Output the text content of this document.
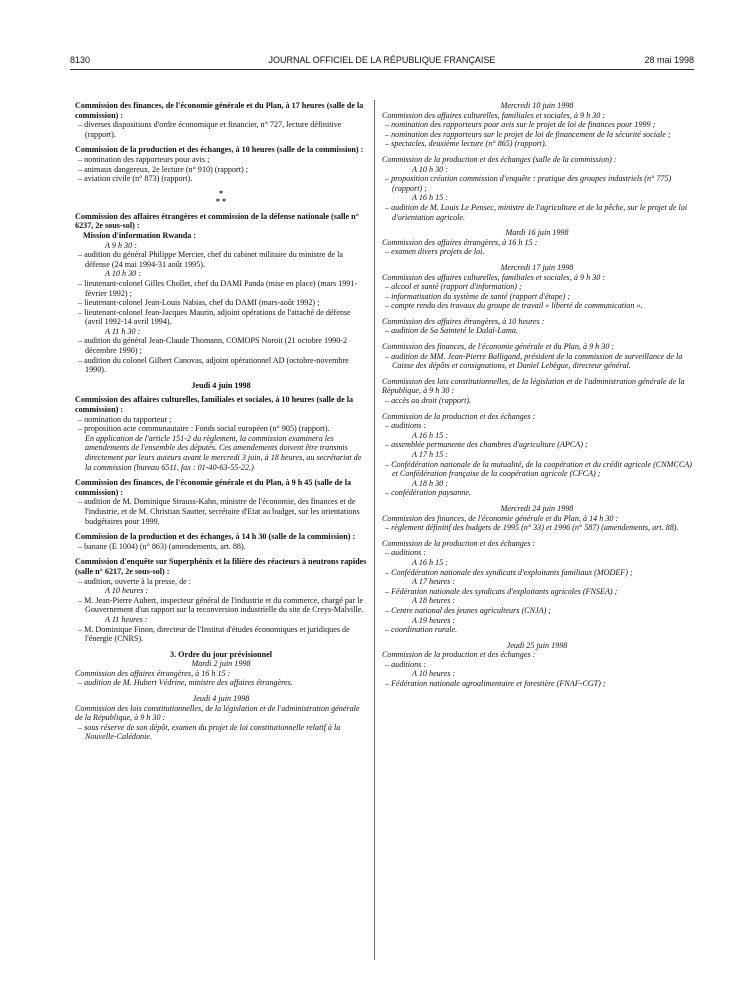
8130	JOURNAL OFFICIEL DE LA RÉPUBLIQUE FRANÇAISE	28 mai 1998

Commission des finances, de l'économie générale et du Plan, à 17 heures (salle de la commission) :

– diverses dispositions d'ordre économique et financier, n° 727, lecture définitive (rapport).

Commission de la production et des échanges, à 10 heures (salle de la commission) :

– nomination des rapporteurs pour avis ;

– animaux dangereux, 2e lecture (n° 910) (rapport) ;

– aviation civile (n° 873) (rapport).

*
* *

Commission des affaires étrangères et commission de la défense nationale (salle n° 6237, 2e sous-sol) :

Mission d'information Rwanda :

A 9 h 30 :

– audition du général Philippe Mercier, chef du cabinet militaire du ministre de la défense (24 mai 1994-31 août 1995).

A 10 h 30 :

– lieutenant-colonel Gilles Chollet, chef du DAMI Panda (mise en place) (mars 1991-février 1992) ;

– lieutenant-colonel Jean-Louis Nabias, chef du DAMI (mars-août 1992) ;

– lieutenant-colonel Jean-Jacques Maurin, adjoint opérations de l'attaché de défense (avril 1992-14 avril 1994).

A 11 h 30 :

– audition du général Jean-Claude Thomann, COMOPS Noroit (21 octobre 1990-2 décembre 1990) ;

– audition du colonel Gilbert Canovas, adjoint opérationnel AD (octobre-novembre 1990).

Jeudi 4 juin 1998

Commission des affaires culturelles, familiales et sociales, à 10 heures (salle de la commission) :

– nomination du rapporteur ;

– proposition acte communautaire : Fonds social européen (n° 905) (rapport).

En application de l'article 151-2 du règlement, la commission examinera les amendements de l'ensemble des députés. Ces amendements doivent être transmis directement par leurs auteurs avant le mercredi 3 juin, à 18 heures, au secrétariat de la commission (bureau 6511, fax : 01-40-63-55-22.)

Commission des finances, de l'économie générale et du Plan, à 9 h 45 (salle de la commission) :

– audition de M. Dominique Strauss-Kahn, ministre de l'économie, des finances et de l'industrie, et de M. Christian Sautter, secrétaire d'Etat au budget, sur les orientations budgétaires pour 1999.

Commission de la production et des échanges, à 14 h 30 (salle de la commission) :

– banane (E 1004) (n° 863) (amendements, art. 88).

Commission d'enquête sur Superphénix et la filière des réacteurs à neutrons rapides (salle n° 6217, 2e sous-sol) :

– audition, ouverte à la presse, de :

A 10 heures :

– M. Jean-Pierre Aubert, inspecteur général de l'industrie et du commerce, chargé par le Gouvernement d'un rapport sur la reconversion industrielle du site de Creys-Malville.

A 11 heures :

– M. Dominique Finon, directeur de l'Institut d'études économiques et juridiques de l'énergie (CNRS).

3. Ordre du jour prévisionnel

Mardi 2 juin 1998

Commission des affaires étrangères, à 16 h 15 :

– audition de M. Hubert Védrine, ministre des affaires étrangères.

Jeudi 4 juin 1998

Commission des lois constitutionnelles, de la législation et de l'administration générale de la République, à 9 h 30 :

– sous réserve de son dépôt, examen du projet de loi constitutionnelle relatif à la Nouvelle-Calédonie.

Mercredi 10 juin 1998

Commission des affaires culturelles, familiales et sociales, à 9 h 30 :

– nomination des rapporteurs pour avis sur le projet de loi de finances pour 1999 ;

– nomination des rapporteurs sur le projet de loi de financement de la sécurité sociale ;

– spectacles, deuxième lecture (n° 865) (rapport).

Commission de la production et des échanges (salle de la commission) :

A 10 h 30 :

– proposition création commission d'enquête : pratique des groupes industriels (n° 775) (rapport) ;

A 16 h 15 :

– audition de M. Louis Le Pensec, ministre de l'agriculture et de la pêche, sur le projet de loi d'orientation agricole.

Mardi 16 juin 1998

Commission des affaires étrangères, à 16 h 15 :

– examen divers projets de loi.

Mercredi 17 juin 1998

Commission des affaires culturelles, familiales et sociales, à 9 h 30 :

– alcool et santé (rapport d'information) ;

– informatisation du système de santé (rapport d'étape) ;

– compte rendu des travaux du groupe de travail « liberté de communication ».

Commission des affaires étrangères, à 10 heures :

– audition de Sa Sainteté le Dalaï-Lama.

Commission des finances, de l'économie générale et du Plan, à 9 h 30 :

– audition de MM. Jean-Pierre Balligand, président de la commission de surveillance de la Caisse des dépôts et consignations, et Daniel Lebègue, directeur général.

Commission des lois constitutionnelles, de la législation et de l'administration générale de la République, à 9 h 30 :

– accès au droit (rapport).

Commission de la production et des échanges :

– auditions :

A 16 h 15 :

– assemblée permanente des chambres d'agriculture (APCA) ;

A 17 h 15 :

– Confédération nationale de la mutualité, de la coopération et du crédit agricole (CNMCCA) et Confédération française de la coopération agricole (CFCA) ;

A 18 h 30 :

– confédération paysanne.

Mercredi 24 juin 1998

Commission des finances, de l'économie générale et du Plan, à 14 h 30 :

– règlement définitif des budgets de 1995 (n° 33) et 1996 (n° 587) (amendements, art. 88).

Commission de la production et des échanges :

– auditions :

A 16 h 15 :

– Confédération nationale des syndicats d'exploitants familiaux (MODEF) ;

A 17 heures :

– Fédération nationale des syndicats d'exploitants agricoles (FNSEA) ;

A 18 heures :

– Centre national des jeunes agriculteurs (CNJA) ;

A 19 heures :

– coordination rurale.

Jeudi 25 juin 1998

Commission de la production et des échanges :

– auditions :

A 10 heures :

– Fédération nationale agroalimentaire et forestière (FNAF-CGT) ;
